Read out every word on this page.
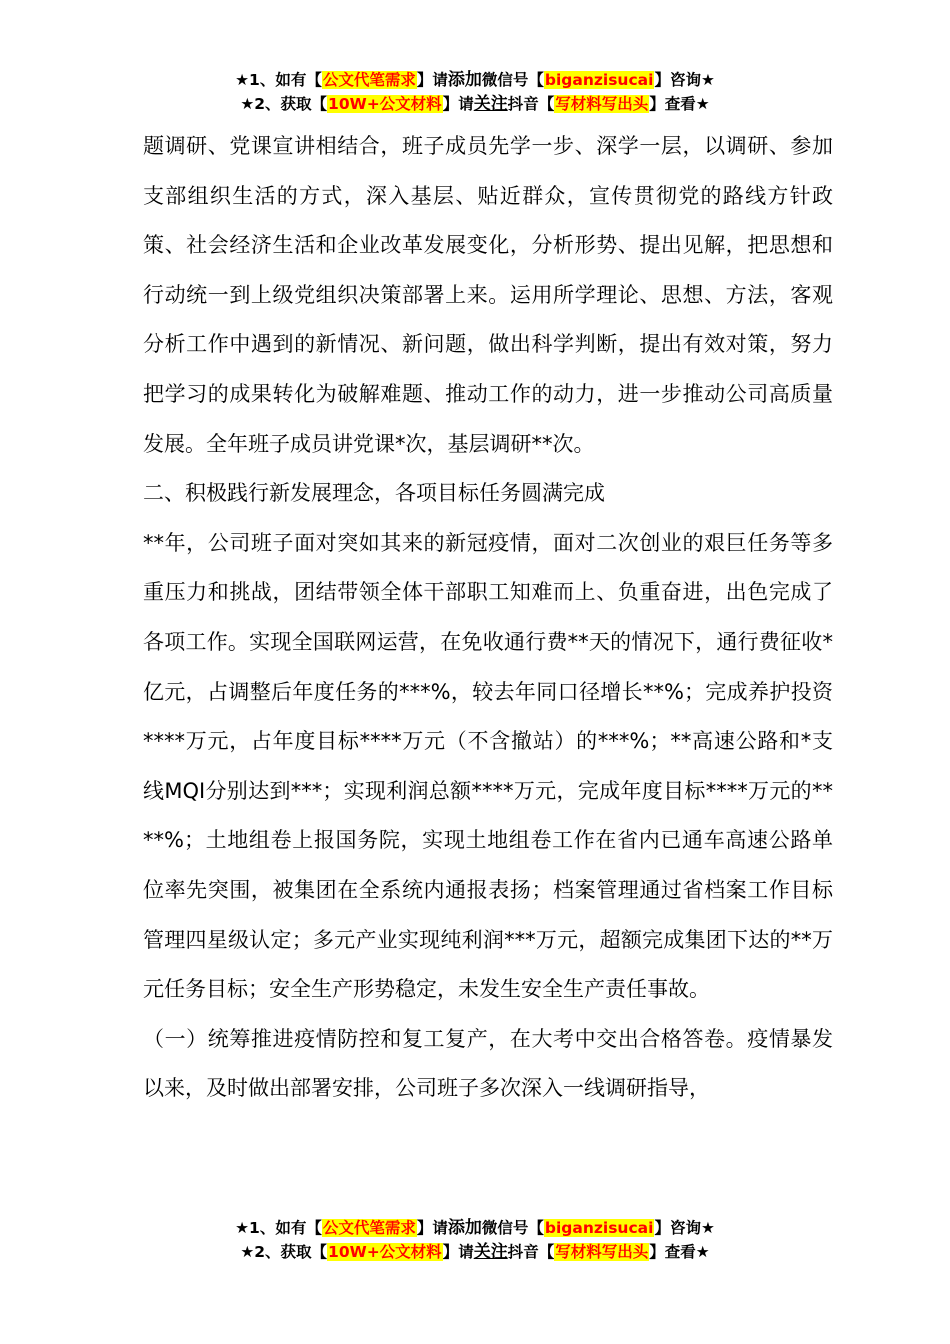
★1、如有【公文代笔需求】请添加微信号【biganzisucai】咨询★
★2、获取【10W+公文材料】请关注抖音【写材料写出头】查看★

题调研、党课宣讲相结合，班子成员先学一步、深学一层，以调研、参加支部组织生活的方式，深入基层、贴近群众，宣传贯彻党的路线方针政策、社会经济生活和企业改革发展变化，分析形势、提出见解，把思想和行动统一到上级党组织决策部署上来。运用所学理论、思想、方法，客观分析工作中遇到的新情况、新问题，做出科学判断，提出有效对策，努力把学习的成果转化为破解难题、推动工作的动力，进一步推动公司高质量发展。全年班子成员讲党课*次，基层调研**次。

二、积极践行新发展理念，各项目标任务圆满完成

**年，公司班子面对突如其来的新冠疫情，面对二次创业的艰巨任务等多重压力和挑战，团结带领全体干部职工知难而上、负重奋进，出色完成了各项工作。实现全国联网运营，在免收通行费**天的情况下，通行费征收*亿元，占调整后年度任务的***%，较去年同口径增长**%；完成养护投资****万元，占年度目标****万元（不含撤站）的***%；**高速公路和*支线MQI分别达到***；实现利润总额****万元，完成年度目标****万元的****%；土地组卷上报国务院，实现土地组卷工作在省内已通车高速公路单位率先突围，被集团在全系统内通报表扬；档案管理通过省档案工作目标管理四星级认定；多元产业实现纯利润***万元，超额完成集团下达的**万元任务目标；安全生产形势稳定，未发生安全生产责任事故。

（一）统筹推进疫情防控和复工复产，在大考中交出合格答卷。疫情暴发以来，及时做出部署安排，公司班子多次深入一线调研指导，

★1、如有【公文代笔需求】请添加微信号【biganzisucai】咨询★
★2、获取【10W+公文材料】请关注抖音【写材料写出头】查看★
